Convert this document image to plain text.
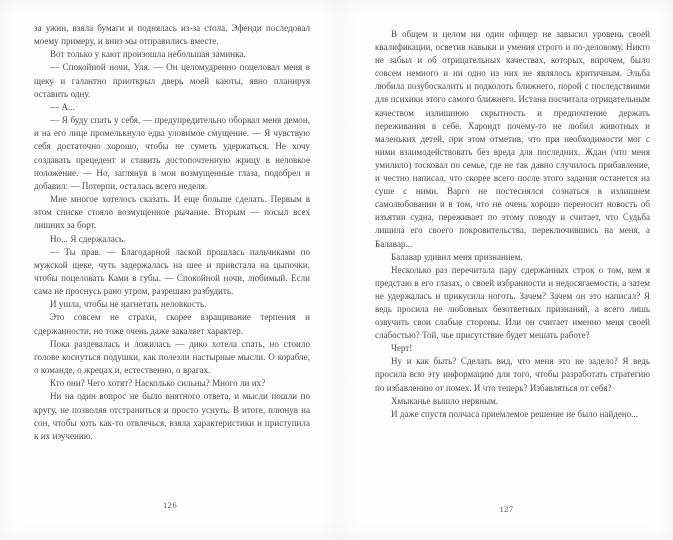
за ужин, взяла бумаги и поднялась из-за стола. Эфенди последовал моему примеру, и вниз мы отправились вместе.

Вот только у кают произошла небольшая заминка.

— Спокойной ночи, Уля. — Он целомудренно поцеловал меня в щеку и галантно приоткрыл дверь моей каюты, явно планируя оставить одну.

— А...

— Я буду спать у себя, — предупредительно оборвал меня демон, и на его лице промелькнуло едва уловимое смущение. — Я чувствую себя достаточно хорошо, чтобы не суметь удержаться. Не хочу создавать прецедент и ставить достопочтенную жрицу в неловкое положение. — Но, заглянув в мои возмущенные глаза, подобрел и добавил: — Потерпи, осталась всего неделя.

Мне многое хотелось сказать. И еще больше сделать. Первым в этом списке стояло возмущенное рычание. Вторым — посыл всех лишних за борт.

Но... Я сдержалась.

— Ты прав. — Благодарной лаской прошлась пальчиками по мужской щеке, чуть задержалась на шее и привстала на цыпочки, чтобы поцеловать Ками в губы. — Спокойной ночи, любимый. Если сама не проснусь рано утром, разрешаю разбудить.

И ушла, чтобы не нагнетать неловкость.

Это совсем не страхи, скорее взращивание терпения и сдержанности, но тоже очень даже закаляет характер.

Пока раздевалась и ложилась — дико хотела спать, но стоило голове коснуться подушки, как полезли настырные мысли. О корабле, о команде, о жрецах и, естественно, о врагах.

Кто они? Чего хотят? Насколько сильны? Много ли их?

Ни на один вопрос не было внятного ответа, и мысли пошли по кругу, не позволяя отстраниться и просто уснуть. В итоге, плюнув на сон, чтобы хоть как-то отвлечься, взяла характеристики и приступила к их изучению.

126

В общем и целом ни один офицер не завысил уровень своей квалификации, осветив навыки и умения строго и по-деловому. Никто не забыл и об отрицательных качествах, которых, впрочем, было совсем немного и ни одно из них не являлось критичным. Эльба любила позубоскалить и подколоть ближнего, порой с последствиями для психики этого самого ближнего. Истана посчитала отрицательным качеством излишнюю скрытность и предпочтение держать переживания в себе. Хароидт почему-то не любил животных и маленьких детей, при этом отметив, что при необходимости мог с ними взаимодействовать без вреда для последних. Ждан (что меня умилило) тосковал по семье, где не так давно случилось прибавление, и честно написал, что скорее всего после этого задания останется на суше с ними. Варго не постеснялся сознаться в излишнем самолюбовании и в том, что не очень хорошо переносит новость об изъятии судна, переживает по этому поводу и считает, что Судьба лишила его своего покровительства, переключившись на меня, а Балавар...

Балавар удивил меня признанием.

Несколько раз перечитала пару сдержанных строк о том, кем я предстаю в его глазах, о своей избранности и недосягаемости, а затем не удержалась и прикусила ноготь. Зачем? Зачем он это написал? Я ведь просила не любовных безответных признаний, а всего лишь озвучить свои слабые стороны. Или он считает именно меня своей слабостью? Той, чье присутствие будет мешать работе?

Черт!

Ну и как быть? Сделать вид, что меня это не задело? Я ведь просила всю эту информацию для того, чтобы разработать стратегию по избавлению от помех. И что теперь? Избавляться от себя?

Хмыканье вышло нервным.

И даже спустя полчаса приемлемое решение не было найдено...

127
